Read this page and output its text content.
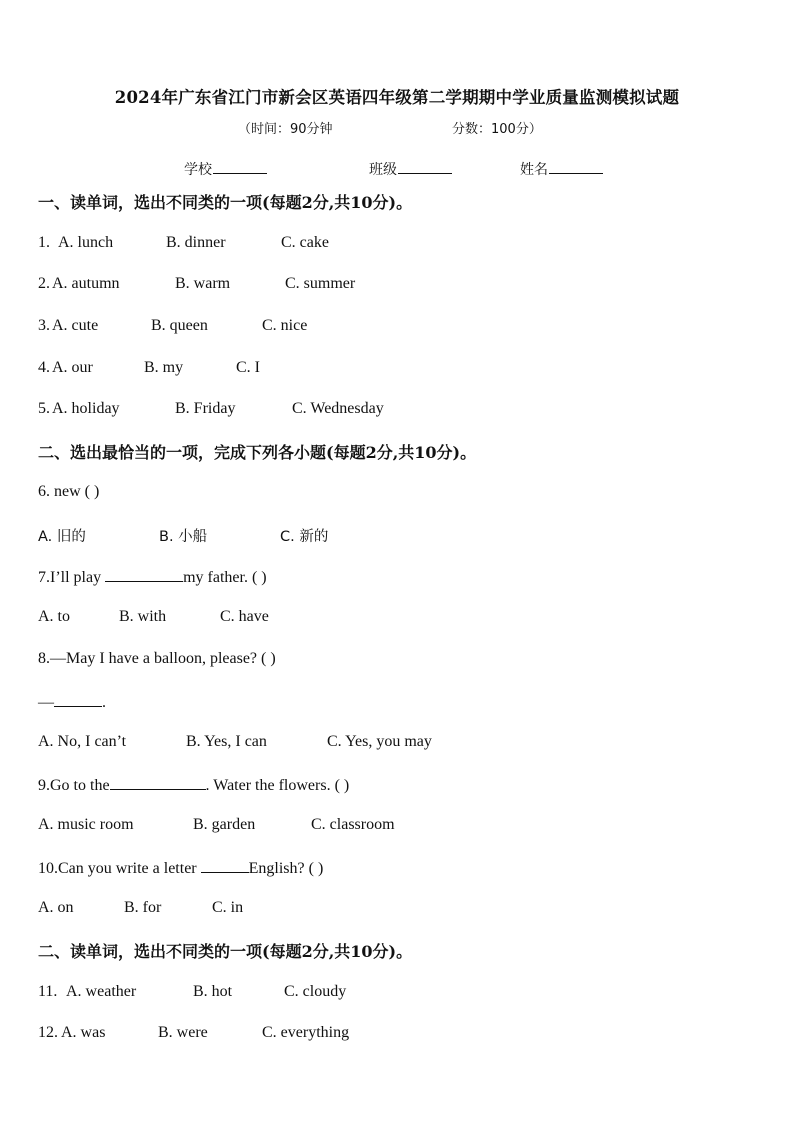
2024年广东省江门市新会区英语四年级第二学期期中学业质量监测模拟试题
（时间：90分钟	分数：100分）
学校	班级	姓名
一、读单词，选出不同类的一项(每题2分,共10分)。
1. A. lunch	B. dinner	C. cake
2. A. autumn	B. warm	C. summer
3. A. cute	B. queen	C. nice
4. A. our	B. my	C. I
5. A. holiday	B. Friday	C. Wednesday
二、选出最恰当的一项，完成下列各小题(每题2分,共10分)。
6. new ( )
A. 旧的	B. 小船	C. 新的
7.I’ll play	my father. ( )
A. to	B. with	C. have
8.—May I have a balloon, please? ( )
—	.
A. No, I can’t	B. Yes, I can	C. Yes, you may
9.Go to the	. Water the flowers. ( )
A. music room	B. garden	C. classroom
10.Can you write a letter	English? ( )
A. on	B. for	C. in
二、读单词，选出不同类的一项(每题2分,共10分)。
11. A. weather	B. hot	C. cloudy
12. A. was	B. were	C. everything
